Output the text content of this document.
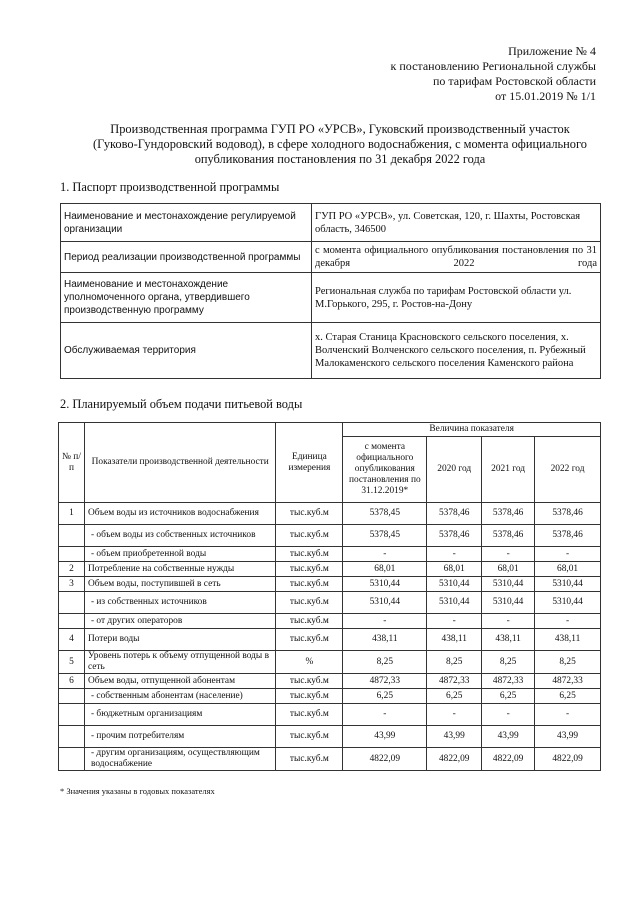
Приложение № 4
к постановлению Региональной службы
по тарифам Ростовской области
от 15.01.2019 № 1/1
Производственная программа ГУП РО «УРСВ», Гуковский производственный участок
(Гуково-Гундоровский водовод), в сфере холодного водоснабжения, с момента официального
опубликования постановления по 31 декабря 2022 года
1. Паспорт производственной программы
Наименование и местонахождение регулируемой организации	ГУП РО «УРСВ», ул. Советская, 120, г. Шахты, Ростовская область, 346500
Период реализации производственной программы	с момента официального опубликования постановления по 31 декабря 2022 года
Наименование и местонахождение уполномоченного органа, утвердившего производственную программу	Региональная служба по тарифам Ростовской области ул. М.Горького, 295, г. Ростов-на-Дону
Обслуживаемая территория	х. Старая Станица Красновского сельского поселения, х. Волченский Волченского сельского поселения, п. Рубежный Малокаменского сельского поселения Каменского района
2. Планируемый объем подачи питьевой воды
№ п/п	Показатели производственной деятельности	Единица измерения	Величина показателя			
			с момента официального опубликования постановления по 31.12.2019*	2020 год	2021 год	2022 год
1	Объем воды из источников водоснабжения	тыс.куб.м	5378,45	5378,46	5378,46	5378,46
	- объем воды из собственных источников	тыс.куб.м	5378,45	5378,46	5378,46	5378,46
	- объем приобретенной воды	тыс.куб.м	-	-	-	-
2	Потребление на собственные нужды	тыс.куб.м	68,01	68,01	68,01	68,01
3	Объем воды, поступившей в сеть	тыс.куб.м	5310,44	5310,44	5310,44	5310,44
	- из собственных источников	тыс.куб.м	5310,44	5310,44	5310,44	5310,44
	- от других операторов	тыс.куб.м	-	-	-	-
4	Потери воды	тыс.куб.м	438,11	438,11	438,11	438,11
5	Уровень потерь к объему отпущенной воды в сеть	%	8,25	8,25	8,25	8,25
6	Объем воды, отпущенной абонентам	тыс.куб.м	4872,33	4872,33	4872,33	4872,33
	- собственным абонентам (население)	тыс.куб.м	6,25	6,25	6,25	6,25
	- бюджетным организациям	тыс.куб.м	-	-	-	-
	- прочим потребителям	тыс.куб.м	43,99	43,99	43,99	43,99
	- другим организациям, осуществляющим водоснабжение	тыс.куб.м	4822,09	4822,09	4822,09	4822,09
* Значения указаны в годовых показателях
